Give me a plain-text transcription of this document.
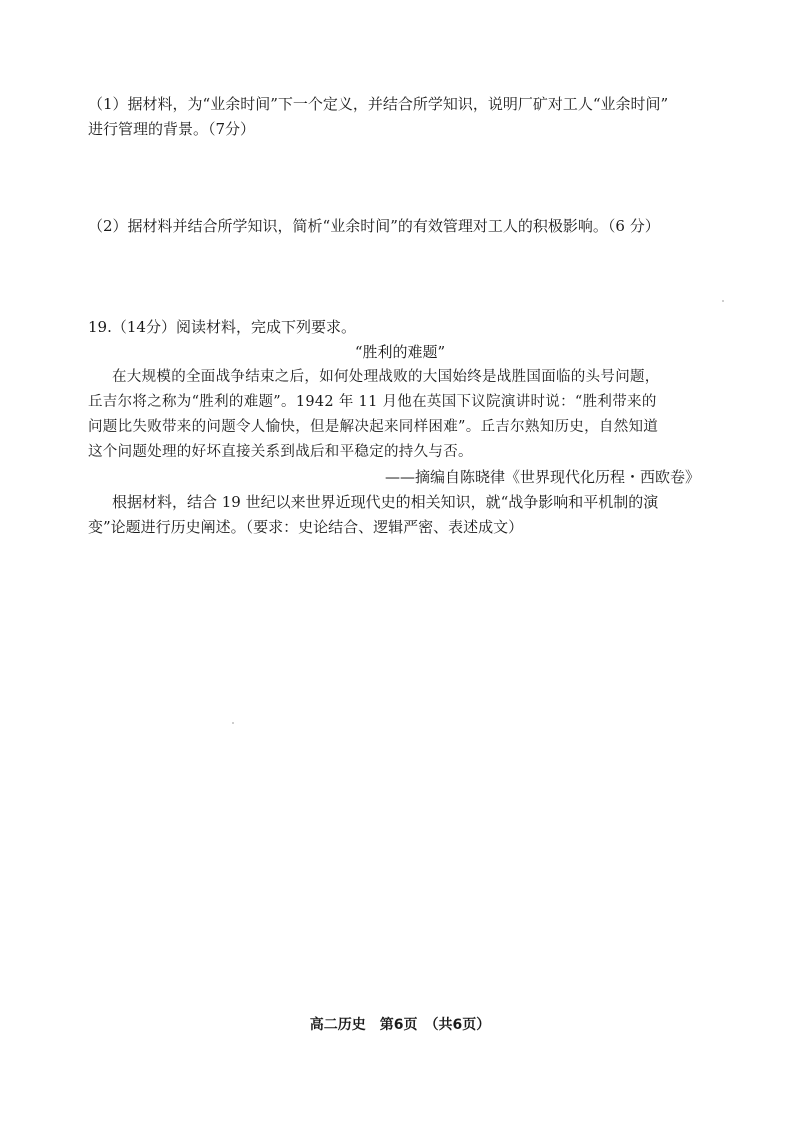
（1）据材料，为“业余时间”下一个定义，并结合所学知识，说明厂矿对工人“业余时间”
进行管理的背景。（7分）
（2）据材料并结合所学知识，简析“业余时间”的有效管理对工人的积极影响。（6 分）
19.（14分）阅读材料，完成下列要求。
“胜利的难题”
在大规模的全面战争结束之后，如何处理战败的大国始终是战胜国面临的头号问题，
丘吉尔将之称为“胜利的难题”。1942 年 11 月他在英国下议院演讲时说：“胜利带来的
问题比失败带来的问题令人愉快，但是解决起来同样困难”。丘吉尔熟知历史，自然知道
这个问题处理的好坏直接关系到战后和平稳定的持久与否。
——摘编自陈晓律《世界现代化历程・西欧卷》
根据材料，结合 19 世纪以来世界近现代史的相关知识，就“战争影响和平机制的演
变”论题进行历史阐述。（要求：史论结合、逻辑严密、表述成文）
高二历史　第6页　（共6页）
